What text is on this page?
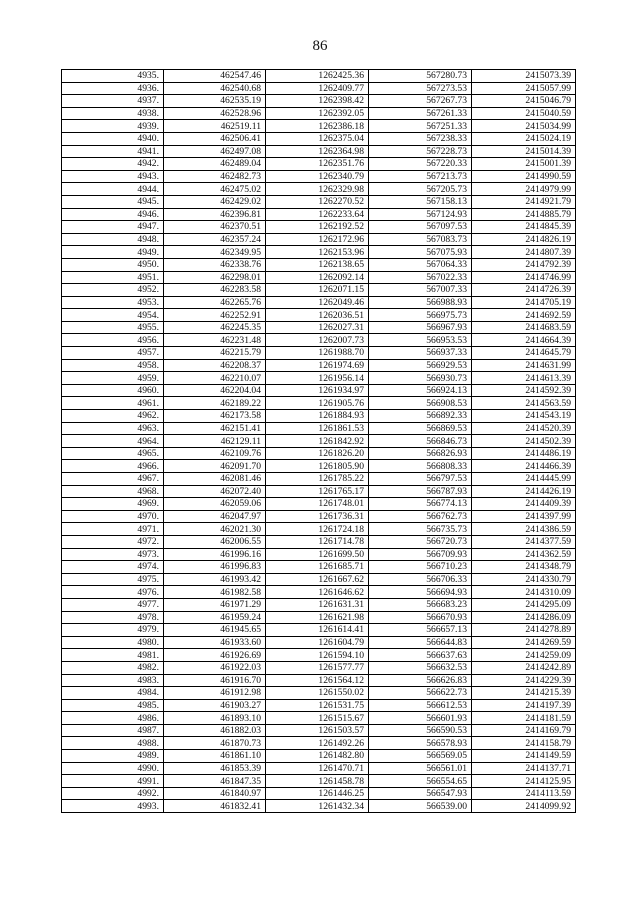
86
4935.	462547.46	1262425.36	567280.73	2415073.39
4936.	462540.68	1262409.77	567273.53	2415057.99
4937.	462535.19	1262398.42	567267.73	2415046.79
4938.	462528.96	1262392.05	567261.33	2415040.59
4939.	462519.11	1262386.18	567251.33	2415034.99
4940.	462506.41	1262375.04	567238.33	2415024.19
4941.	462497.08	1262364.98	567228.73	2415014.39
4942.	462489.04	1262351.76	567220.33	2415001.39
4943.	462482.73	1262340.79	567213.73	2414990.59
4944.	462475.02	1262329.98	567205.73	2414979.99
4945.	462429.02	1262270.52	567158.13	2414921.79
4946.	462396.81	1262233.64	567124.93	2414885.79
4947.	462370.51	1262192.52	567097.53	2414845.39
4948.	462357.24	1262172.96	567083.73	2414826.19
4949.	462349.95	1262153.96	567075.93	2414807.39
4950.	462338.76	1262138.65	567064.33	2414792.39
4951.	462298.01	1262092.14	567022.33	2414746.99
4952.	462283.58	1262071.15	567007.33	2414726.39
4953.	462265.76	1262049.46	566988.93	2414705.19
4954.	462252.91	1262036.51	566975.73	2414692.59
4955.	462245.35	1262027.31	566967.93	2414683.59
4956.	462231.48	1262007.73	566953.53	2414664.39
4957.	462215.79	1261988.70	566937.33	2414645.79
4958.	462208.37	1261974.69	566929.53	2414631.99
4959.	462210.07	1261956.14	566930.73	2414613.39
4960.	462204.04	1261934.97	566924.13	2414592.39
4961.	462189.22	1261905.76	566908.53	2414563.59
4962.	462173.58	1261884.93	566892.33	2414543.19
4963.	462151.41	1261861.53	566869.53	2414520.39
4964.	462129.11	1261842.92	566846.73	2414502.39
4965.	462109.76	1261826.20	566826.93	2414486.19
4966.	462091.70	1261805.90	566808.33	2414466.39
4967.	462081.46	1261785.22	566797.53	2414445.99
4968.	462072.40	1261765.17	566787.93	2414426.19
4969.	462059.06	1261748.01	566774.13	2414409.39
4970.	462047.97	1261736.31	566762.73	2414397.99
4971.	462021.30	1261724.18	566735.73	2414386.59
4972.	462006.55	1261714.78	566720.73	2414377.59
4973.	461996.16	1261699.50	566709.93	2414362.59
4974.	461996.83	1261685.71	566710.23	2414348.79
4975.	461993.42	1261667.62	566706.33	2414330.79
4976.	461982.58	1261646.62	566694.93	2414310.09
4977.	461971.29	1261631.31	566683.23	2414295.09
4978.	461959.24	1261621.98	566670.93	2414286.09
4979.	461945.65	1261614.41	566657.13	2414278.89
4980.	461933.60	1261604.79	566644.83	2414269.59
4981.	461926.69	1261594.10	566637.63	2414259.09
4982.	461922.03	1261577.77	566632.53	2414242.89
4983.	461916.70	1261564.12	566626.83	2414229.39
4984.	461912.98	1261550.02	566622.73	2414215.39
4985.	461903.27	1261531.75	566612.53	2414197.39
4986.	461893.10	1261515.67	566601.93	2414181.59
4987.	461882.03	1261503.57	566590.53	2414169.79
4988.	461870.73	1261492.26	566578.93	2414158.79
4989.	461861.10	1261482.80	566569.05	2414149.59
4990.	461853.39	1261470.71	566561.01	2414137.71
4991.	461847.35	1261458.78	566554.65	2414125.95
4992.	461840.97	1261446.25	566547.93	2414113.59
4993.	461832.41	1261432.34	566539.00	2414099.92
